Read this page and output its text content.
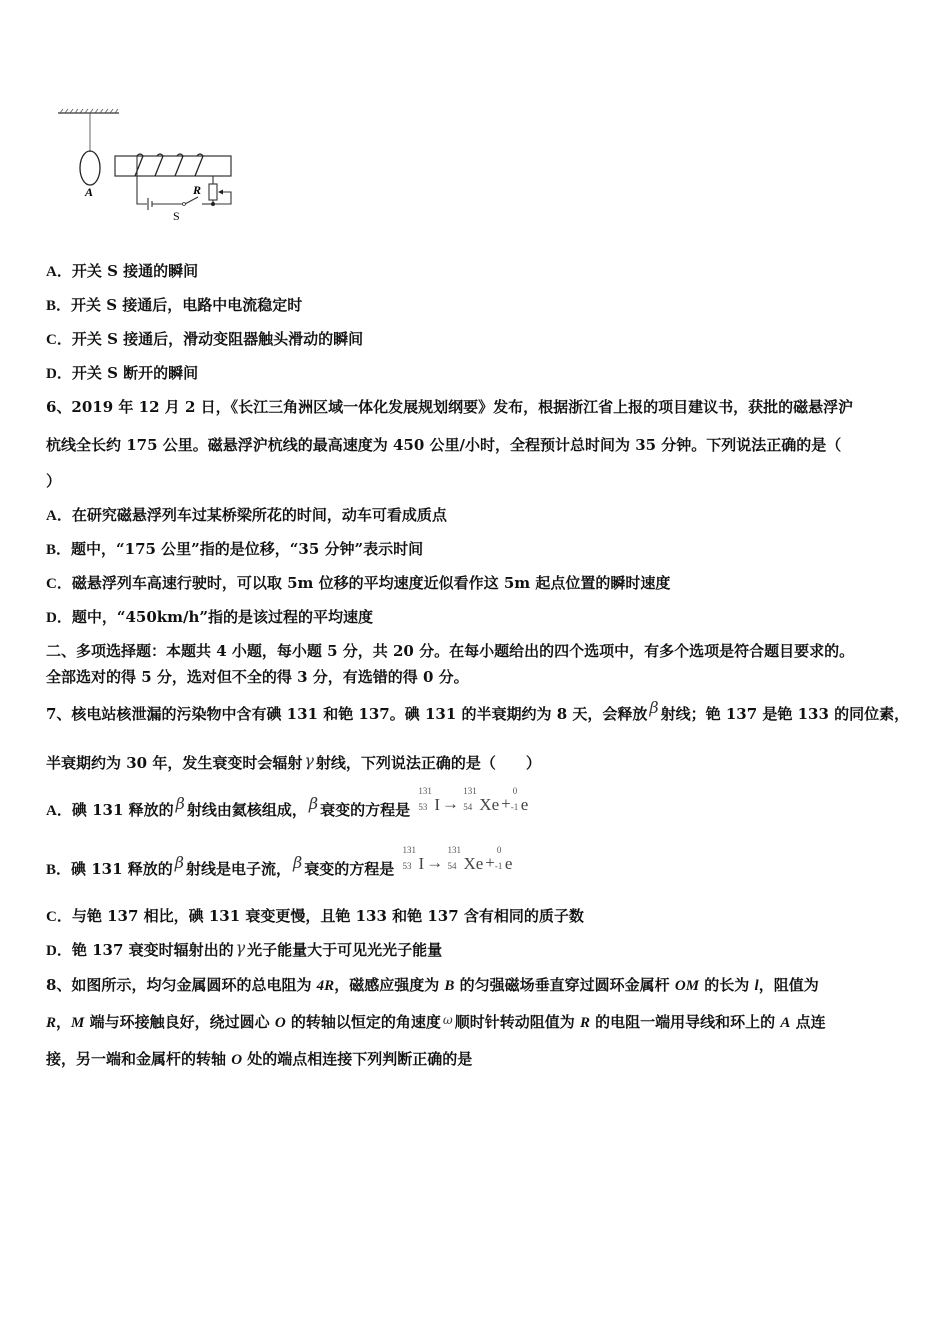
A	R
S
A．开关 S 接通的瞬间
B．开关 S 接通后，电路中电流稳定时
C．开关 S 接通后，滑动变阻器触头滑动的瞬间
D．开关 S 断开的瞬间
6、2019 年 12 月 2 日，《长江三角洲区域一体化发展规划纲要》发布，根据浙江省上报的项目建议书，获批的磁悬浮沪
杭线全长约 175 公里。磁悬浮沪杭线的最高速度为 450 公里/小时，全程预计总时间为 35 分钟。下列说法正确的是（
）
A．在研究磁悬浮列车过某桥梁所花的时间，动车可看成质点
B．题中，“175 公里”指的是位移，“35 分钟”表示时间
C．磁悬浮列车高速行驶时，可以取 5m 位移的平均速度近似看作这 5m 起点位置的瞬时速度
D．题中，“450km/h”指的是该过程的平均速度
二、多项选择题：本题共 4 小题，每小题 5 分，共 20 分。在每小题给出的四个选项中，有多个选项是符合题目要求的。
全部选对的得 5 分，选对但不全的得 3 分，有选错的得 0 分。
7、核电站核泄漏的污染物中含有碘 131 和铯 137。碘 131 的半衰期约为 8 天，会释放 β 射线；铯 137 是铯 133 的同位素，
半衰期约为 30 年，发生衰变时会辐射 γ 射线，下列说法正确的是（　　）
A．碘 131 释放的 β 射线由氦核组成， β 衰变的方程是
131
53 I →
131
54 Xe +
0
-1 e
B．碘 131 释放的 β 射线是电子流， β 衰变的方程是
131
53 I →
131
54 Xe +
0
-1 e
C．与铯 137 相比，碘 131 衰变更慢，且铯 133 和铯 137 含有相同的质子数
D．铯 137 衰变时辐射出的 γ 光子能量大于可见光光子能量
8、如图所示，均匀金属圆环的总电阻为 4R，磁感应强度为 B 的匀强磁场垂直穿过圆环金属杆 OM 的长为 l，阻值为
R，M 端与环接触良好，绕过圆心 O 的转轴以恒定的角速度 $^\omega$ 顺时针转动阻值为 R 的电阻一端用导线和环上的 A 点连
接，另一端和金属杆的转轴 O 处的端点相连接下列判断正确的是
